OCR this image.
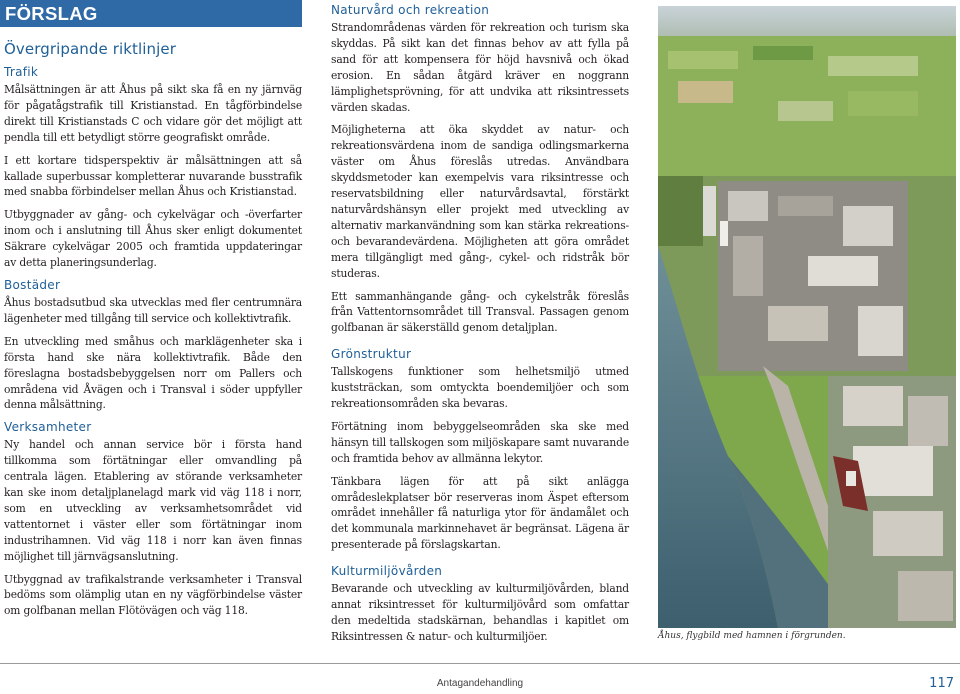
FÖRSLAG
Övergripande riktlinjer
Trafik

Målsättningen är att Åhus på sikt ska få en ny järnväg för pågatågstrafik till Kristianstad. En tågförbindelse direkt till Kristianstads C och vidare gör det möjligt att pendla till ett betydligt större geografiskt område.

I ett kortare tidsperspektiv är målsättningen att så kallade superbussar kompletterar nuvarande busstrafik med snabba förbindelser mellan Åhus och Kristianstad.

Utbyggnader av gång- och cykelvägar och -överfarter inom och i anslutning till Åhus sker enligt dokumentet Säkrare cykelvägar 2005 och framtida uppdateringar av detta planeringsunderlag.

Bostäder

Åhus bostadsutbud ska utvecklas med fler centrumnära lägenheter med tillgång till service och kollektivtrafik.

En utveckling med småhus och marklägenheter ska i första hand ske nära kollektivtrafik. Både den föreslagna bostadsbebyggelsen norr om Pallers och områdena vid Åvägen och i Transval i söder uppfyller denna målsättning.

Verksamheter

Ny handel och annan service bör i första hand tillkomma som förtätningar eller omvandling på centrala lägen. Etablering av störande verksamheter kan ske inom detaljplanelagd mark vid väg 118 i norr, som en utveckling av verksamhetsområdet vid vattentornet i väster eller som förtätningar inom industrihamnen. Vid väg 118 i norr kan även finnas möjlighet till järnvägsanslutning.

Utbyggnad av trafikalstrande verksamheter i Transval bedöms som olämplig utan en ny vägförbindelse väster om golfbanan mellan Flötövägen och väg 118.

Naturvård och rekreation

Strandområdenas värden för rekreation och turism ska skyddas. På sikt kan det finnas behov av att fylla på sand för att kompensera för höjd havsnivå och ökad erosion. En sådan åtgärd kräver en noggrann lämplighetsprövning, för att undvika att riksintressets värden skadas.

Möjligheterna att öka skyddet av natur- och rekreationsvärdena inom de sandiga odlingsmarkerna väster om Åhus föreslås utredas. Användbara skyddsmetoder kan exempelvis vara riksintresse och reservatsbildning eller naturvårdsavtal, förstärkt naturvårdshänsyn eller projekt med utveckling av alternativ markanvändning som kan stärka rekreations- och bevarandevärdena. Möjligheten att göra området mera tillgängligt med gång-, cykel- och ridstråk bör studeras.

Ett sammanhängande gång- och cykelstråk föreslås från Vattentornsområdet till Transval. Passagen genom golfbanan är säkerställd genom detaljplan.

Grönstruktur

Tallskogens funktioner som helhetsmiljö utmed kuststräckan, som omtyckta boendemiljöer och som rekreationsområden ska bevaras.

Förtätning inom bebyggelseområden ska ske med hänsyn till tallskogen som miljöskapare samt nuvarande och framtida behov av allmänna lekytor.

Tänkbara lägen för att på sikt anlägga områdeslekplatser bör reserveras inom Äspet eftersom området innehåller få naturliga ytor för ändamålet och det kommunala markinnehavet är begränsat. Lägena är presenterade på förslagskartan.

Kulturmiljövården

Bevarande och utveckling av kulturmiljövården, bland annat riksintresset för kulturmiljövård som omfattar den medeltida stadskärnan, behandlas i kapitlet om Riksintressen & natur- och kulturmiljöer.	Åhus, flygbild med hamnen i förgrunden.
Antagandehandling	117
